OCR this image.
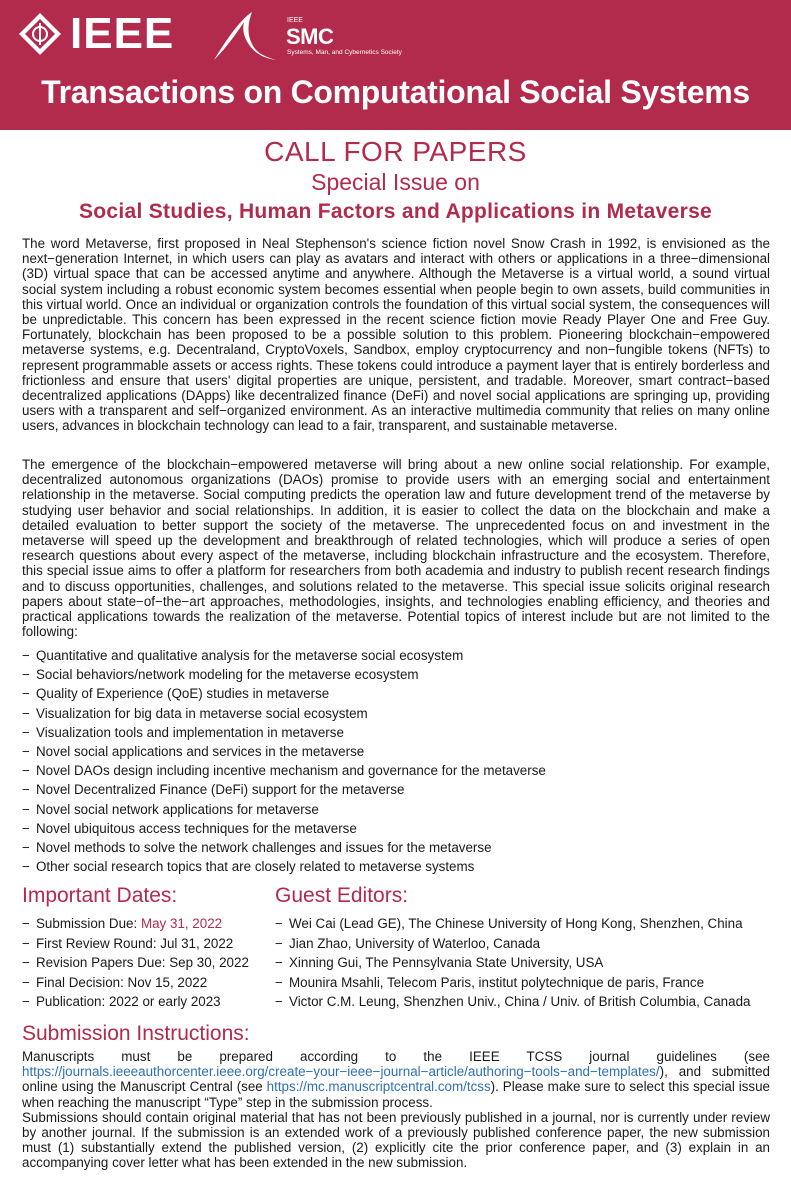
IEEE	IEEE
SMC
Systems, Man, and Cybernetics Society
Transactions on Computational Social Systems
CALL FOR PAPERS
Special Issue on
Social Studies, Human Factors and Applications in Metaverse

The word Metaverse, first proposed in Neal Stephenson's science fiction novel Snow Crash in 1992, is envisioned as the next−generation Internet, in which users can play as avatars and interact with others or applications in a three−dimensional (3D) virtual space that can be accessed anytime and anywhere. Although the Metaverse is a virtual world, a sound virtual social system including a robust economic system becomes essential when people begin to own assets, build communities in this virtual world. Once an individual or organization controls the foundation of this virtual social system, the consequences will be unpredictable. This concern has been expressed in the recent science fiction movie Ready Player One and Free Guy. Fortunately, blockchain has been proposed to be a possible solution to this problem. Pioneering blockchain−empowered metaverse systems, e.g. Decentraland, CryptoVoxels, Sandbox, employ cryptocurrency and non−fungible tokens (NFTs) to represent programmable assets or access rights. These tokens could introduce a payment layer that is entirely borderless and frictionless and ensure that users' digital properties are unique, persistent, and tradable. Moreover, smart contract−based decentralized applications (DApps) like decentralized finance (DeFi) and novel social applications are springing up, providing users with a transparent and self−organized environment. As an interactive multimedia community that relies on many online users, advances in blockchain technology can lead to a fair, transparent, and sustainable metaverse.

The emergence of the blockchain−empowered metaverse will bring about a new online social relationship. For example, decentralized autonomous organizations (DAOs) promise to provide users with an emerging social and entertainment relationship in the metaverse. Social computing predicts the operation law and future development trend of the metaverse by studying user behavior and social relationships. In addition, it is easier to collect the data on the blockchain and make a detailed evaluation to better support the society of the metaverse. The unprecedented focus on and investment in the metaverse will speed up the development and breakthrough of related technologies, which will produce a series of open research questions about every aspect of the metaverse, including blockchain infrastructure and the ecosystem. Therefore, this special issue aims to offer a platform for researchers from both academia and industry to publish recent research findings and to discuss opportunities, challenges, and solutions related to the metaverse. This special issue solicits original research papers about state−of−the−art approaches, methodologies, insights, and technologies enabling efficiency, and theories and practical applications towards the realization of the metaverse. Potential topics of interest include but are not limited to the following:

− Quantitative and qualitative analysis for the metaverse social ecosystem
− Social behaviors/network modeling for the metaverse ecosystem
− Quality of Experience (QoE) studies in metaverse
− Visualization for big data in metaverse social ecosystem
− Visualization tools and implementation in metaverse
− Novel social applications and services in the metaverse
− Novel DAOs design including incentive mechanism and governance for the metaverse
− Novel Decentralized Finance (DeFi) support for the metaverse
− Novel social network applications for metaverse
− Novel ubiquitous access techniques for the metaverse
− Novel methods to solve the network challenges and issues for the metaverse
− Other social research topics that are closely related to metaverse systems
Important Dates:	Guest Editors:
− Submission Due: May 31, 2022
− First Review Round: Jul 31, 2022
− Revision Papers Due: Sep 30, 2022
− Final Decision: Nov 15, 2022
− Publication: 2022 or early 2023
− Wei Cai (Lead GE), The Chinese University of Hong Kong, Shenzhen, China
− Jian Zhao, University of Waterloo, Canada
− Xinning Gui, The Pennsylvania State University, USA
− Mounira Msahli, Telecom Paris, institut polytechnique de paris, France
− Victor C.M. Leung, Shenzhen Univ., China / Univ. of British Columbia, Canada
Submission Instructions:
Manuscripts must be prepared according to the IEEE TCSS journal guidelines (see https://journals.ieeeauthorcenter.ieee.org/create−your−ieee−journal−article/authoring−tools−and−templates/), and submitted online using the Manuscript Central (see https://mc.manuscriptcentral.com/tcss). Please make sure to select this special issue when reaching the manuscript “Type” step in the submission process.
Submissions should contain original material that has not been previously published in a journal, nor is currently under review by another journal. If the submission is an extended work of a previously published conference paper, the new submission must (1) substantially extend the published version, (2) explicitly cite the prior conference paper, and (3) explain in an accompanying cover letter what has been extended in the new submission.
